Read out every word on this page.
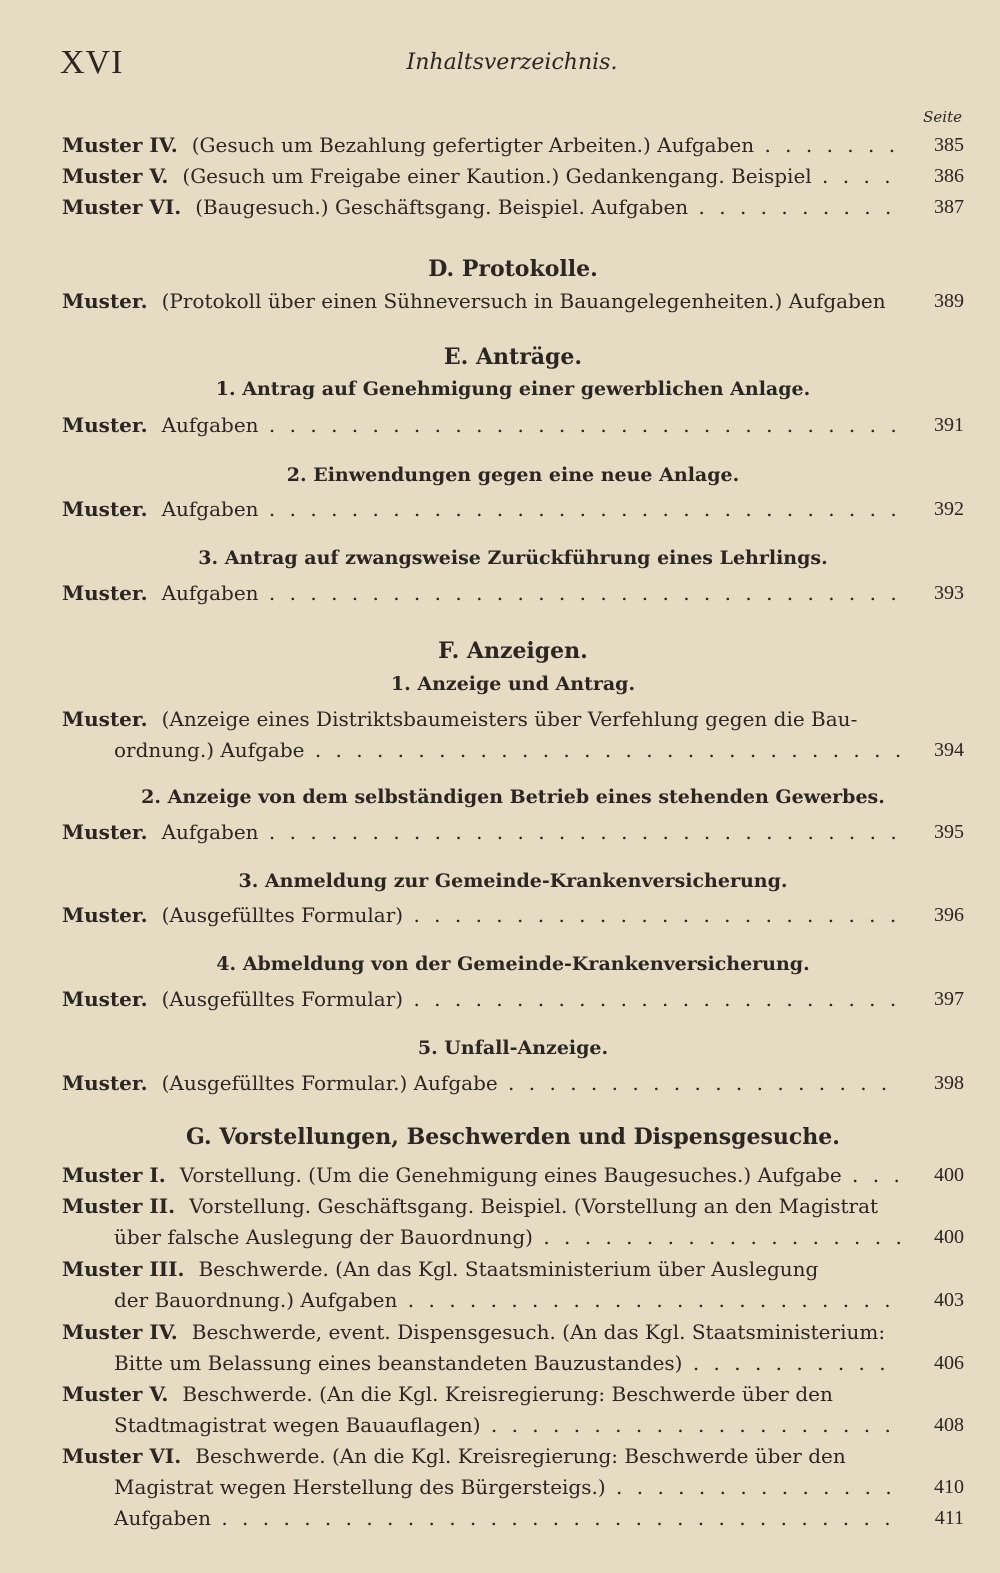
XVI	Inhaltsverzeichnis.
Seite
Muster IV. (Gesuch um Bezahlung gefertigter Arbeiten.) Aufgaben . . .	385
Muster V. (Gesuch um Freigabe einer Kaution.) Gedankengang. Beispiel . . .	386
Muster VI. (Baugesuch.) Geschäftsgang. Beispiel. Aufgaben . . .	387
D. Protokolle.
Muster. (Protokoll über einen Sühneversuch in Bauangelegenheiten.) Aufgaben	389
E. Anträge.
1. Antrag auf Genehmigung einer gewerblichen Anlage.
Muster. Aufgaben . . .	391
2. Einwendungen gegen eine neue Anlage.
Muster. Aufgaben . . .	392
3. Antrag auf zwangsweise Zurückführung eines Lehrlings.
Muster. Aufgaben . . .	393
F. Anzeigen.
1. Anzeige und Antrag.
Muster. (Anzeige eines Distriktsbaumeisters über Verfehlung gegen die Bau-
ordnung.) Aufgabe . . .	394
2. Anzeige von dem selbständigen Betrieb eines stehenden Gewerbes.
Muster. Aufgaben . . .	395
3. Anmeldung zur Gemeinde-Krankenversicherung.
Muster. (Ausgefülltes Formular) . . .	396
4. Abmeldung von der Gemeinde-Krankenversicherung.
Muster. (Ausgefülltes Formular) . . .	397
5. Unfall-Anzeige.
Muster. (Ausgefülltes Formular.) Aufgabe . . .	398
G. Vorstellungen, Beschwerden und Dispensgesuche.
Muster I. Vorstellung. (Um die Genehmigung eines Baugesuches.) Aufgabe . . .	400
Muster II. Vorstellung. Geschäftsgang. Beispiel. (Vorstellung an den Magistrat
über falsche Auslegung der Bauordnung) . . .	400
Muster III. Beschwerde. (An das Kgl. Staatsministerium über Auslegung
der Bauordnung.) Aufgaben . . .	403
Muster IV. Beschwerde, event. Dispensgesuch. (An das Kgl. Staatsministerium:
Bitte um Belassung eines beanstandeten Bauzustandes) . . .	406
Muster V. Beschwerde. (An die Kgl. Kreisregierung: Beschwerde über den
Stadtmagistrat wegen Bauauflagen) . . .	408
Muster VI. Beschwerde. (An die Kgl. Kreisregierung: Beschwerde über den
Magistrat wegen Herstellung des Bürgersteigs.) . . .	410
Aufgaben . . .	411
